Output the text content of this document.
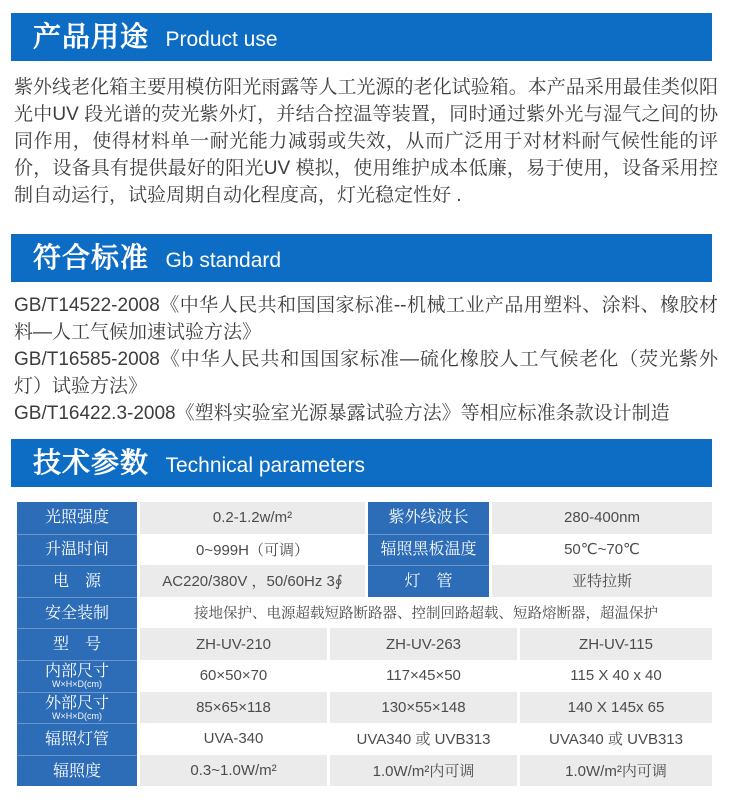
产品用途 Product use
紫外线老化箱主要用模仿阳光雨露等人工光源的老化试验箱。本产品采用最佳类似阳光中UV 段光谱的荧光紫外灯，并结合控温等装置，同时通过紫外光与湿气之间的协同作用，使得材料单一耐光能力减弱或失效，从而广泛用于对材料耐气候性能的评价，设备具有提供最好的阳光UV 模拟，使用维护成本低廉，易于使用，设备采用控制自动运行，试验周期自动化程度高，灯光稳定性好 .
符合标准 Gb standard
GB/T14522-2008《中华人民共和国国家标准--机械工业产品用塑料、涂料、橡胶材料—人工气候加速试验方法》
GB/T16585-2008《中华人民共和国国家标准—硫化橡胶人工气候老化（荧光紫外灯）试验方法》
GB/T16422.3-2008《塑料实验室光源暴露试验方法》等相应标准条款设计制造
技术参数 Technical parameters
光照强度	0.2-1.2w/m²	紫外线波长	280-400nm
升温时间	0~999H（可调）	辐照黑板温度	50℃~70℃
电　源	AC220/380V ，50/60Hz 3∮	灯　管	亚特拉斯
安全装制	接地保护、电源超载短路断路器、控制回路超载、短路熔断器，超温保护
型　号	ZH-UV-210	ZH-UV-263	ZH-UV-115
内部尺寸
W×H×D(cm)	60×50×70	117×45×50	115 X 40 x 40
外部尺寸
W×H×D(cm)	85×65×118	130×55×148	140 X 145x 65
辐照灯管	UVA-340	UVA340 或 UVB313	UVA340 或 UVB313
辐照度	0.3~1.0W/m²	1.0W/m²内可调	1.0W/m²内可调
